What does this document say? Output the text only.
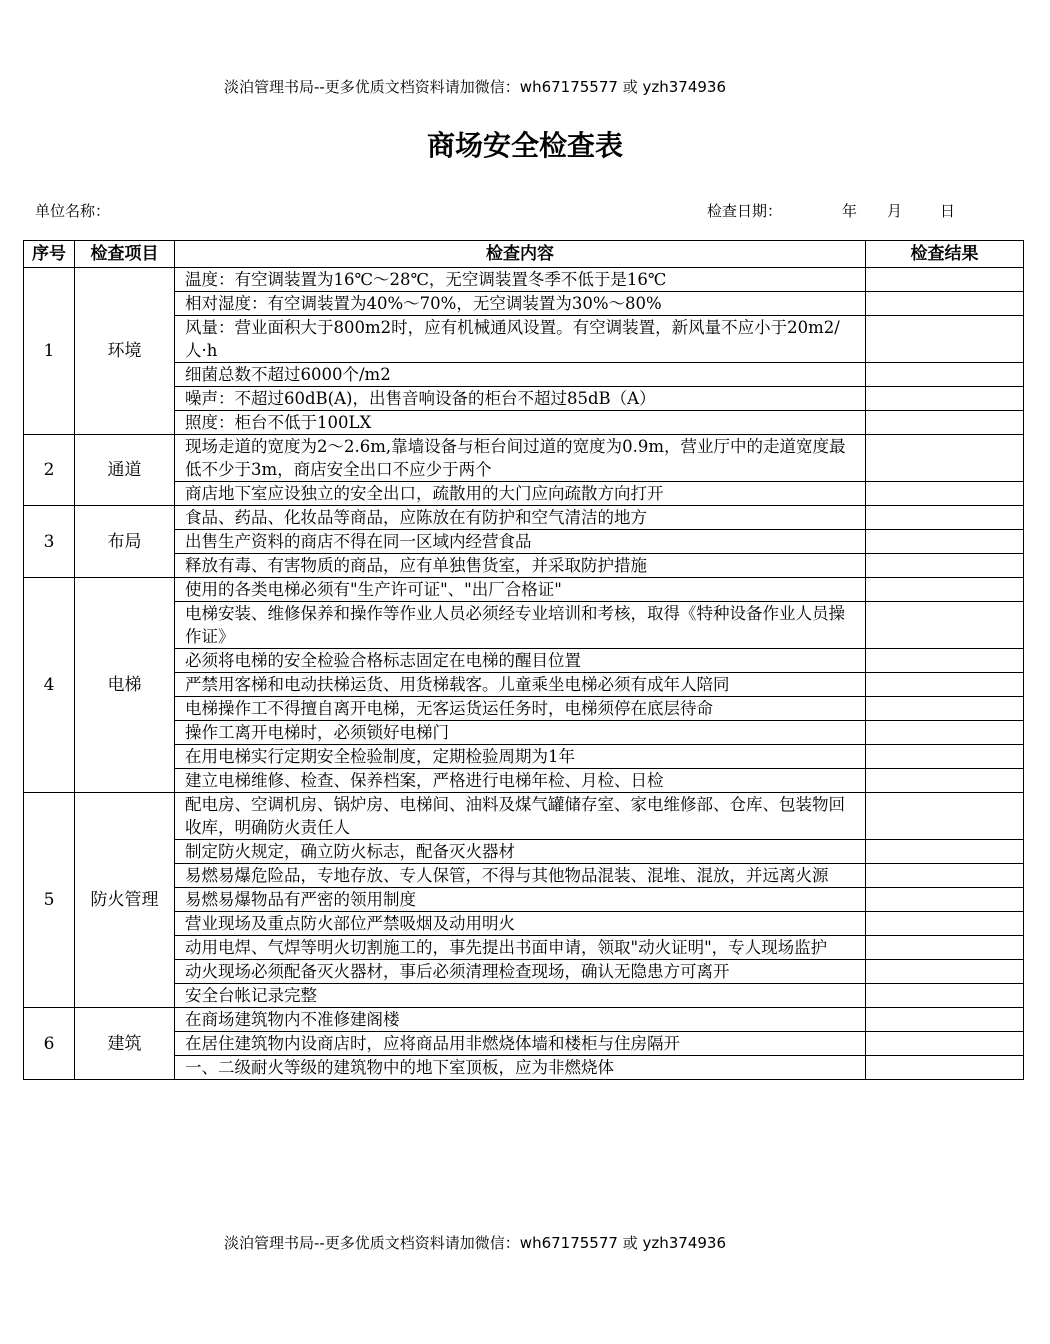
淡泊管理书局--更多优质文档资料请加微信：wh67175577 或 yzh374936
商场安全检查表
单位名称：	检查日期：	年 月	日
序号	检查项目	检查内容	检查结果
1	环境	温度：有空调装置为16℃～28℃，无空调装置冬季不低于是16℃	
		相对湿度：有空调装置为40%～70%，无空调装置为30%～80%	
		风量：营业面积大于800m2时，应有机械通风设置。有空调装置，新风量不应小于20m2/人·h	
		细菌总数不超过6000个/m2	
		噪声：不超过60dB(A)，出售音响设备的柜台不超过85dB（A）	
		照度：柜台不低于100LX	
2	通道	现场走道的宽度为2～2.6m,靠墙设备与柜台间过道的宽度为0.9m，营业厅中的走道宽度最低不少于3m，商店安全出口不应少于两个	
		商店地下室应设独立的安全出口，疏散用的大门应向疏散方向打开	
3	布局	食品、药品、化妆品等商品，应陈放在有防护和空气清洁的地方	
		出售生产资料的商店不得在同一区域内经营食品	
		释放有毒、有害物质的商品，应有单独售货室，并采取防护措施	
4	电梯	使用的各类电梯必须有"生产许可证"、"出厂合格证"	
		电梯安装、维修保养和操作等作业人员必须经专业培训和考核，取得《特种设备作业人员操作证》	
		必须将电梯的安全检验合格标志固定在电梯的醒目位置	
		严禁用客梯和电动扶梯运货、用货梯载客。儿童乘坐电梯必须有成年人陪同	
		电梯操作工不得擅自离开电梯，无客运货运任务时，电梯须停在底层待命	
		操作工离开电梯时，必须锁好电梯门	
		在用电梯实行定期安全检验制度，定期检验周期为1年	
		建立电梯维修、检查、保养档案，严格进行电梯年检、月检、日检	
5	防火管理	配电房、空调机房、锅炉房、电梯间、油料及煤气罐储存室、家电维修部、仓库、包装物回收库，明确防火责任人	
		制定防火规定，确立防火标志，配备灭火器材	
		易燃易爆危险品，专地存放、专人保管，不得与其他物品混装、混堆、混放，并远离火源	
		易燃易爆物品有严密的领用制度	
		营业现场及重点防火部位严禁吸烟及动用明火	
		动用电焊、气焊等明火切割施工的，事先提出书面申请，领取"动火证明"，专人现场监护	
		动火现场必须配备灭火器材，事后必须清理检查现场，确认无隐患方可离开	
		安全台帐记录完整	
6	建筑	在商场建筑物内不准修建阁楼	
		在居住建筑物内设商店时，应将商品用非燃烧体墙和楼柜与住房隔开	
		一、二级耐火等级的建筑物中的地下室顶板，应为非燃烧体	
淡泊管理书局--更多优质文档资料请加微信：wh67175577 或 yzh374936
